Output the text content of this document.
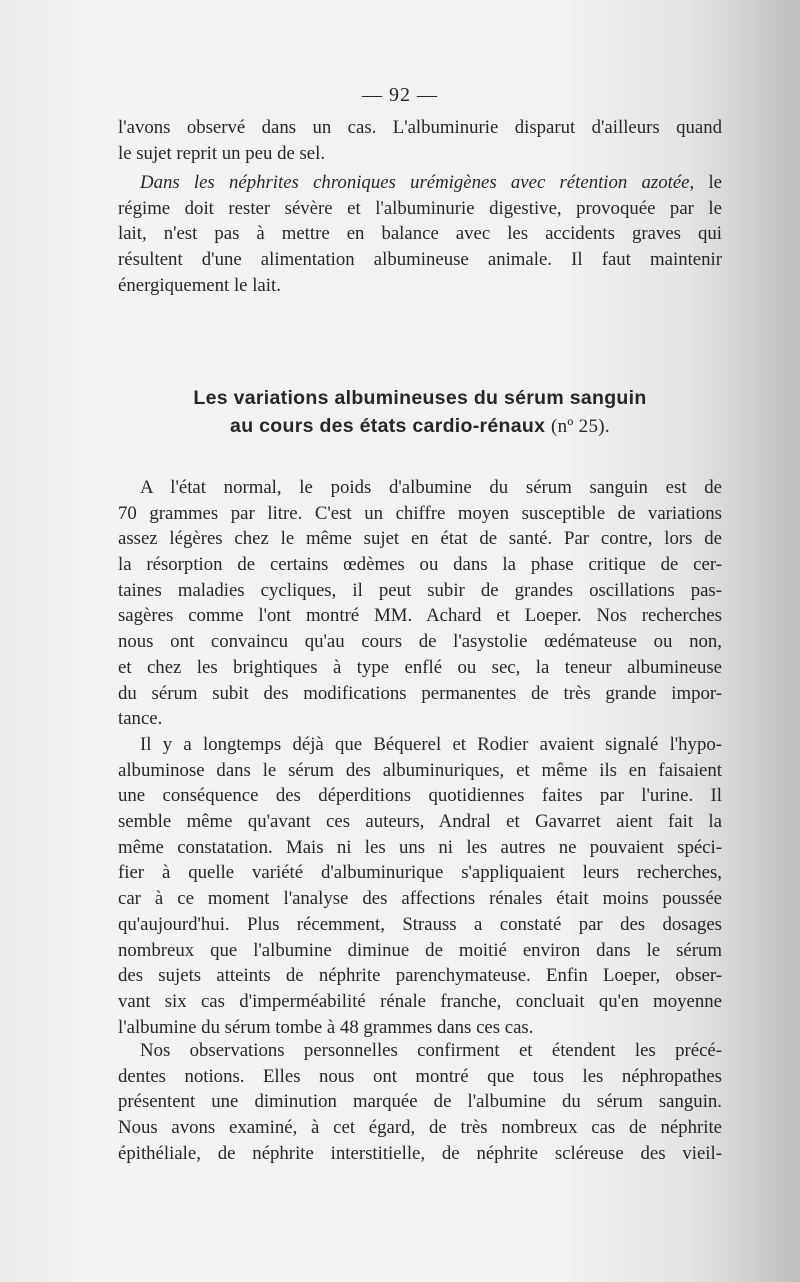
— 92 —
l'avons observé dans un cas. L'albuminurie disparut d'ailleurs quand
le sujet reprit un peu de sel.
Dans les néphrites chroniques urémigènes avec rétention azotée, le
régime doit rester sévère et l'albuminurie digestive, provoquée par le
lait, n'est pas à mettre en balance avec les accidents graves qui
résultent d'une alimentation albumineuse animale. Il faut maintenir
énergiquement le lait.
Les variations albumineuses du sérum sanguin
au cours des états cardio-rénaux (nº 25).
A l'état normal, le poids d'albumine du sérum sanguin est de
70 grammes par litre. C'est un chiffre moyen susceptible de variations
assez légères chez le même sujet en état de santé. Par contre, lors de
la résorption de certains œdèmes ou dans la phase critique de cer-
taines maladies cycliques, il peut subir de grandes oscillations pas-
sagères comme l'ont montré MM. Achard et Loeper. Nos recherches
nous ont convaincu qu'au cours de l'asystolie œdémateuse ou non,
et chez les brightiques à type enflé ou sec, la teneur albumineuse
du sérum subit des modifications permanentes de très grande impor-
tance.
Il y a longtemps déjà que Béquerel et Rodier avaient signalé l'hypo-
albuminose dans le sérum des albuminuriques, et même ils en faisaient
une conséquence des déperditions quotidiennes faites par l'urine. Il
semble même qu'avant ces auteurs, Andral et Gavarret aient fait la
même constatation. Mais ni les uns ni les autres ne pouvaient spéci-
fier à quelle variété d'albuminurique s'appliquaient leurs recherches,
car à ce moment l'analyse des affections rénales était moins poussée
qu'aujourd'hui. Plus récemment, Strauss a constaté par des dosages
nombreux que l'albumine diminue de moitié environ dans le sérum
des sujets atteints de néphrite parenchymateuse. Enfin Loeper, obser-
vant six cas d'imperméabilité rénale franche, concluait qu'en moyenne
l'albumine du sérum tombe à 48 grammes dans ces cas.
Nos observations personnelles confirment et étendent les précé-
dentes notions. Elles nous ont montré que tous les néphropathes
présentent une diminution marquée de l'albumine du sérum sanguin.
Nous avons examiné, à cet égard, de très nombreux cas de néphrite
épithéliale, de néphrite interstitielle, de néphrite scléreuse des vieil-
